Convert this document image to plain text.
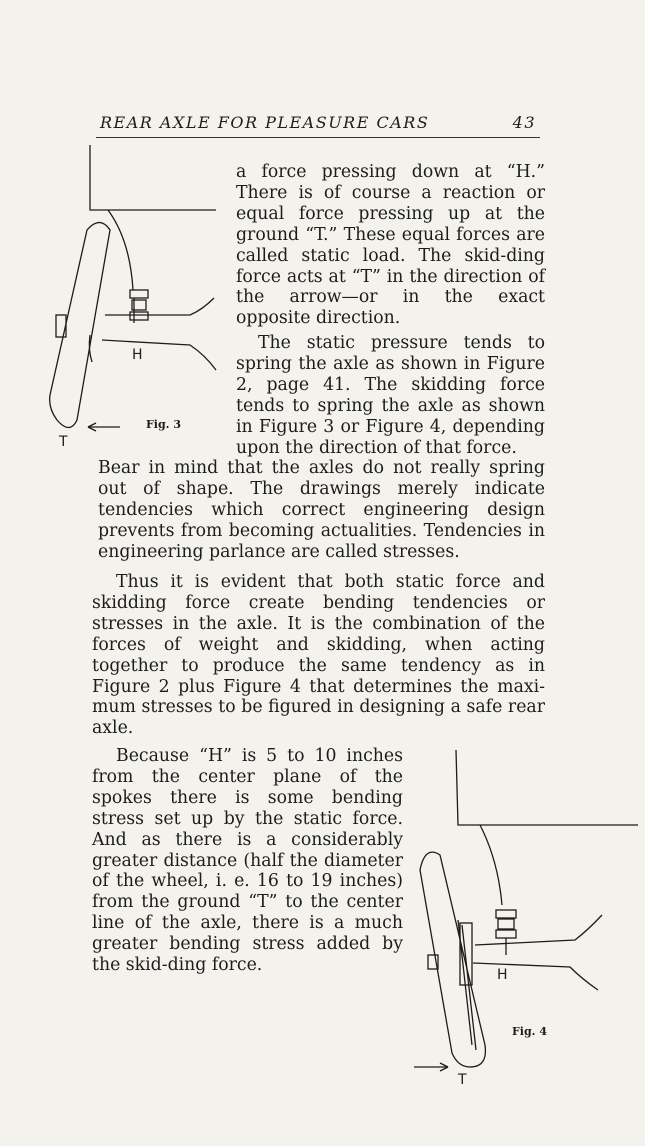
REAR AXLE FOR PLEASURE CARS	43
H
T
Fig. 3

a force pressing down at “H.” There is of course a reaction or equal force pressing up at the ground “T.” These equal forces are called static load. The skid-ding force acts at “T” in the direction of the arrow—or in the exact opposite direction.

The static pressure tends to spring the axle as shown in Figure 2, page 41. The skidding force tends to spring the axle as shown in Figure 3 or Figure 4, depending upon the direction of that force.

Bear in mind that the axles do not really spring out of shape. The drawings merely indicate tendencies which correct engineering design prevents from becoming actualities. Tendencies in engineering parlance are called stresses.

Thus it is evident that both static force and skidding force create bending tendencies or stresses in the axle. It is the combination of the forces of weight and skidding, when acting together to produce the same tendency as in Figure 2 plus Figure 4 that determines the maxi-mum stresses to be figured in designing a safe rear axle.

Because “H” is 5 to 10 inches from the center plane of the spokes there is some bending stress set up by the static force. And as there is a considerably greater distance (half the diameter of the wheel, i. e. 16 to 19 inches) from the ground “T” to the center line of the axle, there is a much greater bending stress added by the skid-ding force.	H
T
Fig. 4
